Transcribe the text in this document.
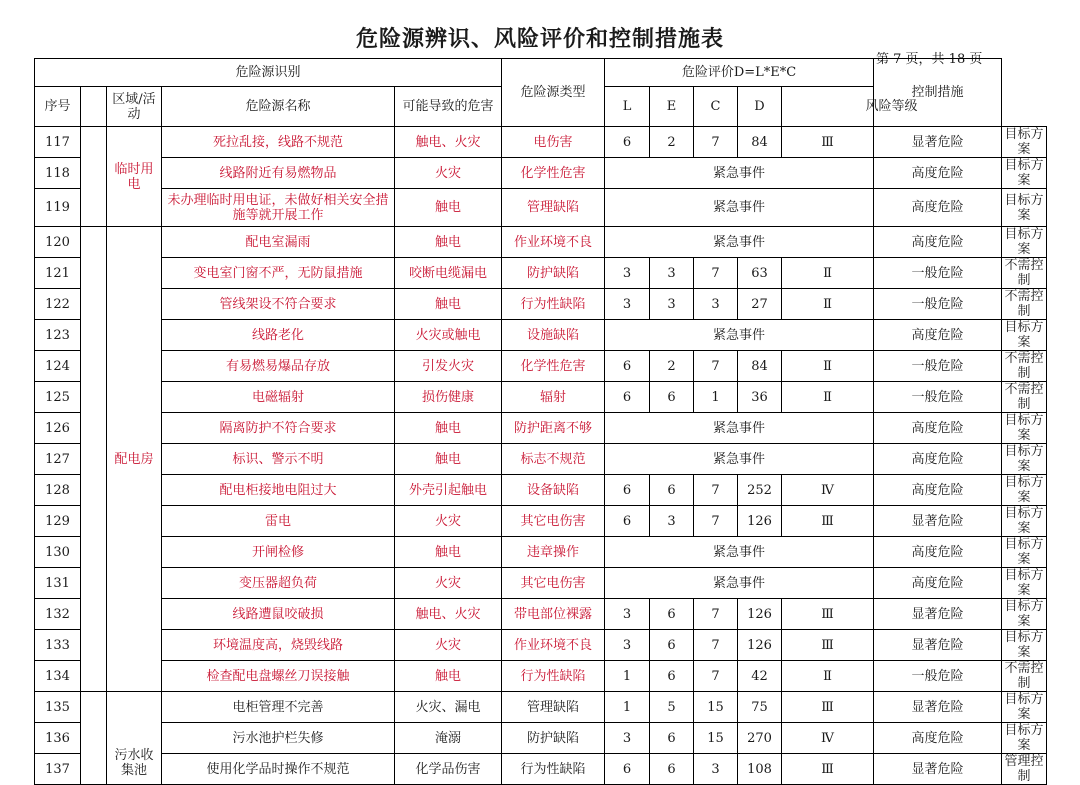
危险源辨识、风险评价和控制措施表
第 7 页，共 18 页
危险源识别					危险源类型	危险评价D=L*E*C					控制措施	
序号		区域/活动	危险源名称	可能导致的危害		L	E	C	D	风险等级		

117		临时用电	死拉乱接，线路不规范	触电、火灾	电伤害	6	2	7	84	Ⅲ	显著危险	目标方案
118			线路附近有易燃物品	火灾	化学性危害	紧急事件					高度危险	目标方案
119			未办理临时用电证，未做好相关安全措施等就开展工作	触电	管理缺陷	紧急事件					高度危险	目标方案
120		配电房	配电室漏雨	触电	作业环境不良	紧急事件					高度危险	目标方案
121			变电室门窗不严，无防鼠措施	咬断电缆漏电	防护缺陷	3	3	7	63	Ⅱ	一般危险	不需控制
122			管线架设不符合要求	触电	行为性缺陷	3	3	3	27	Ⅱ	一般危险	不需控制
123			线路老化	火灾或触电	设施缺陷	紧急事件					高度危险	目标方案
124			有易燃易爆品存放	引发火灾	化学性危害	6	2	7	84	Ⅱ	一般危险	不需控制
125			电磁辐射	损伤健康	辐射	6	6	1	36	Ⅱ	一般危险	不需控制
126			隔离防护不符合要求	触电	防护距离不够	紧急事件					高度危险	目标方案
127			标识、警示不明	触电	标志不规范	紧急事件					高度危险	目标方案
128			配电柜接地电阻过大	外壳引起触电	设备缺陷	6	6	7	252	Ⅳ	高度危险	目标方案
129			雷电	火灾	其它电伤害	6	3	7	126	Ⅲ	显著危险	目标方案
130			开闸检修	触电	违章操作	紧急事件					高度危险	目标方案
131			变压器超负荷	火灾	其它电伤害	紧急事件					高度危险	目标方案
132			线路遭鼠咬破损	触电、火灾	带电部位裸露	3	6	7	126	Ⅲ	显著危险	目标方案
133			环境温度高，烧毁线路	火灾	作业环境不良	3	6	7	126	Ⅲ	显著危险	目标方案
134			检查配电盘螺丝刀误接触	触电	行为性缺陷	1	6	7	42	Ⅱ	一般危险	不需控制
135		污水收集池	电柜管理不完善	火灾、漏电	管理缺陷	1	5	15	75	Ⅲ	显著危险	目标方案
136			污水池护栏失修	淹溺	防护缺陷	3	6	15	270	Ⅳ	高度危险	目标方案
137			使用化学品时操作不规范	化学品伤害	行为性缺陷	6	6	3	108	Ⅲ	显著危险	管理控制
